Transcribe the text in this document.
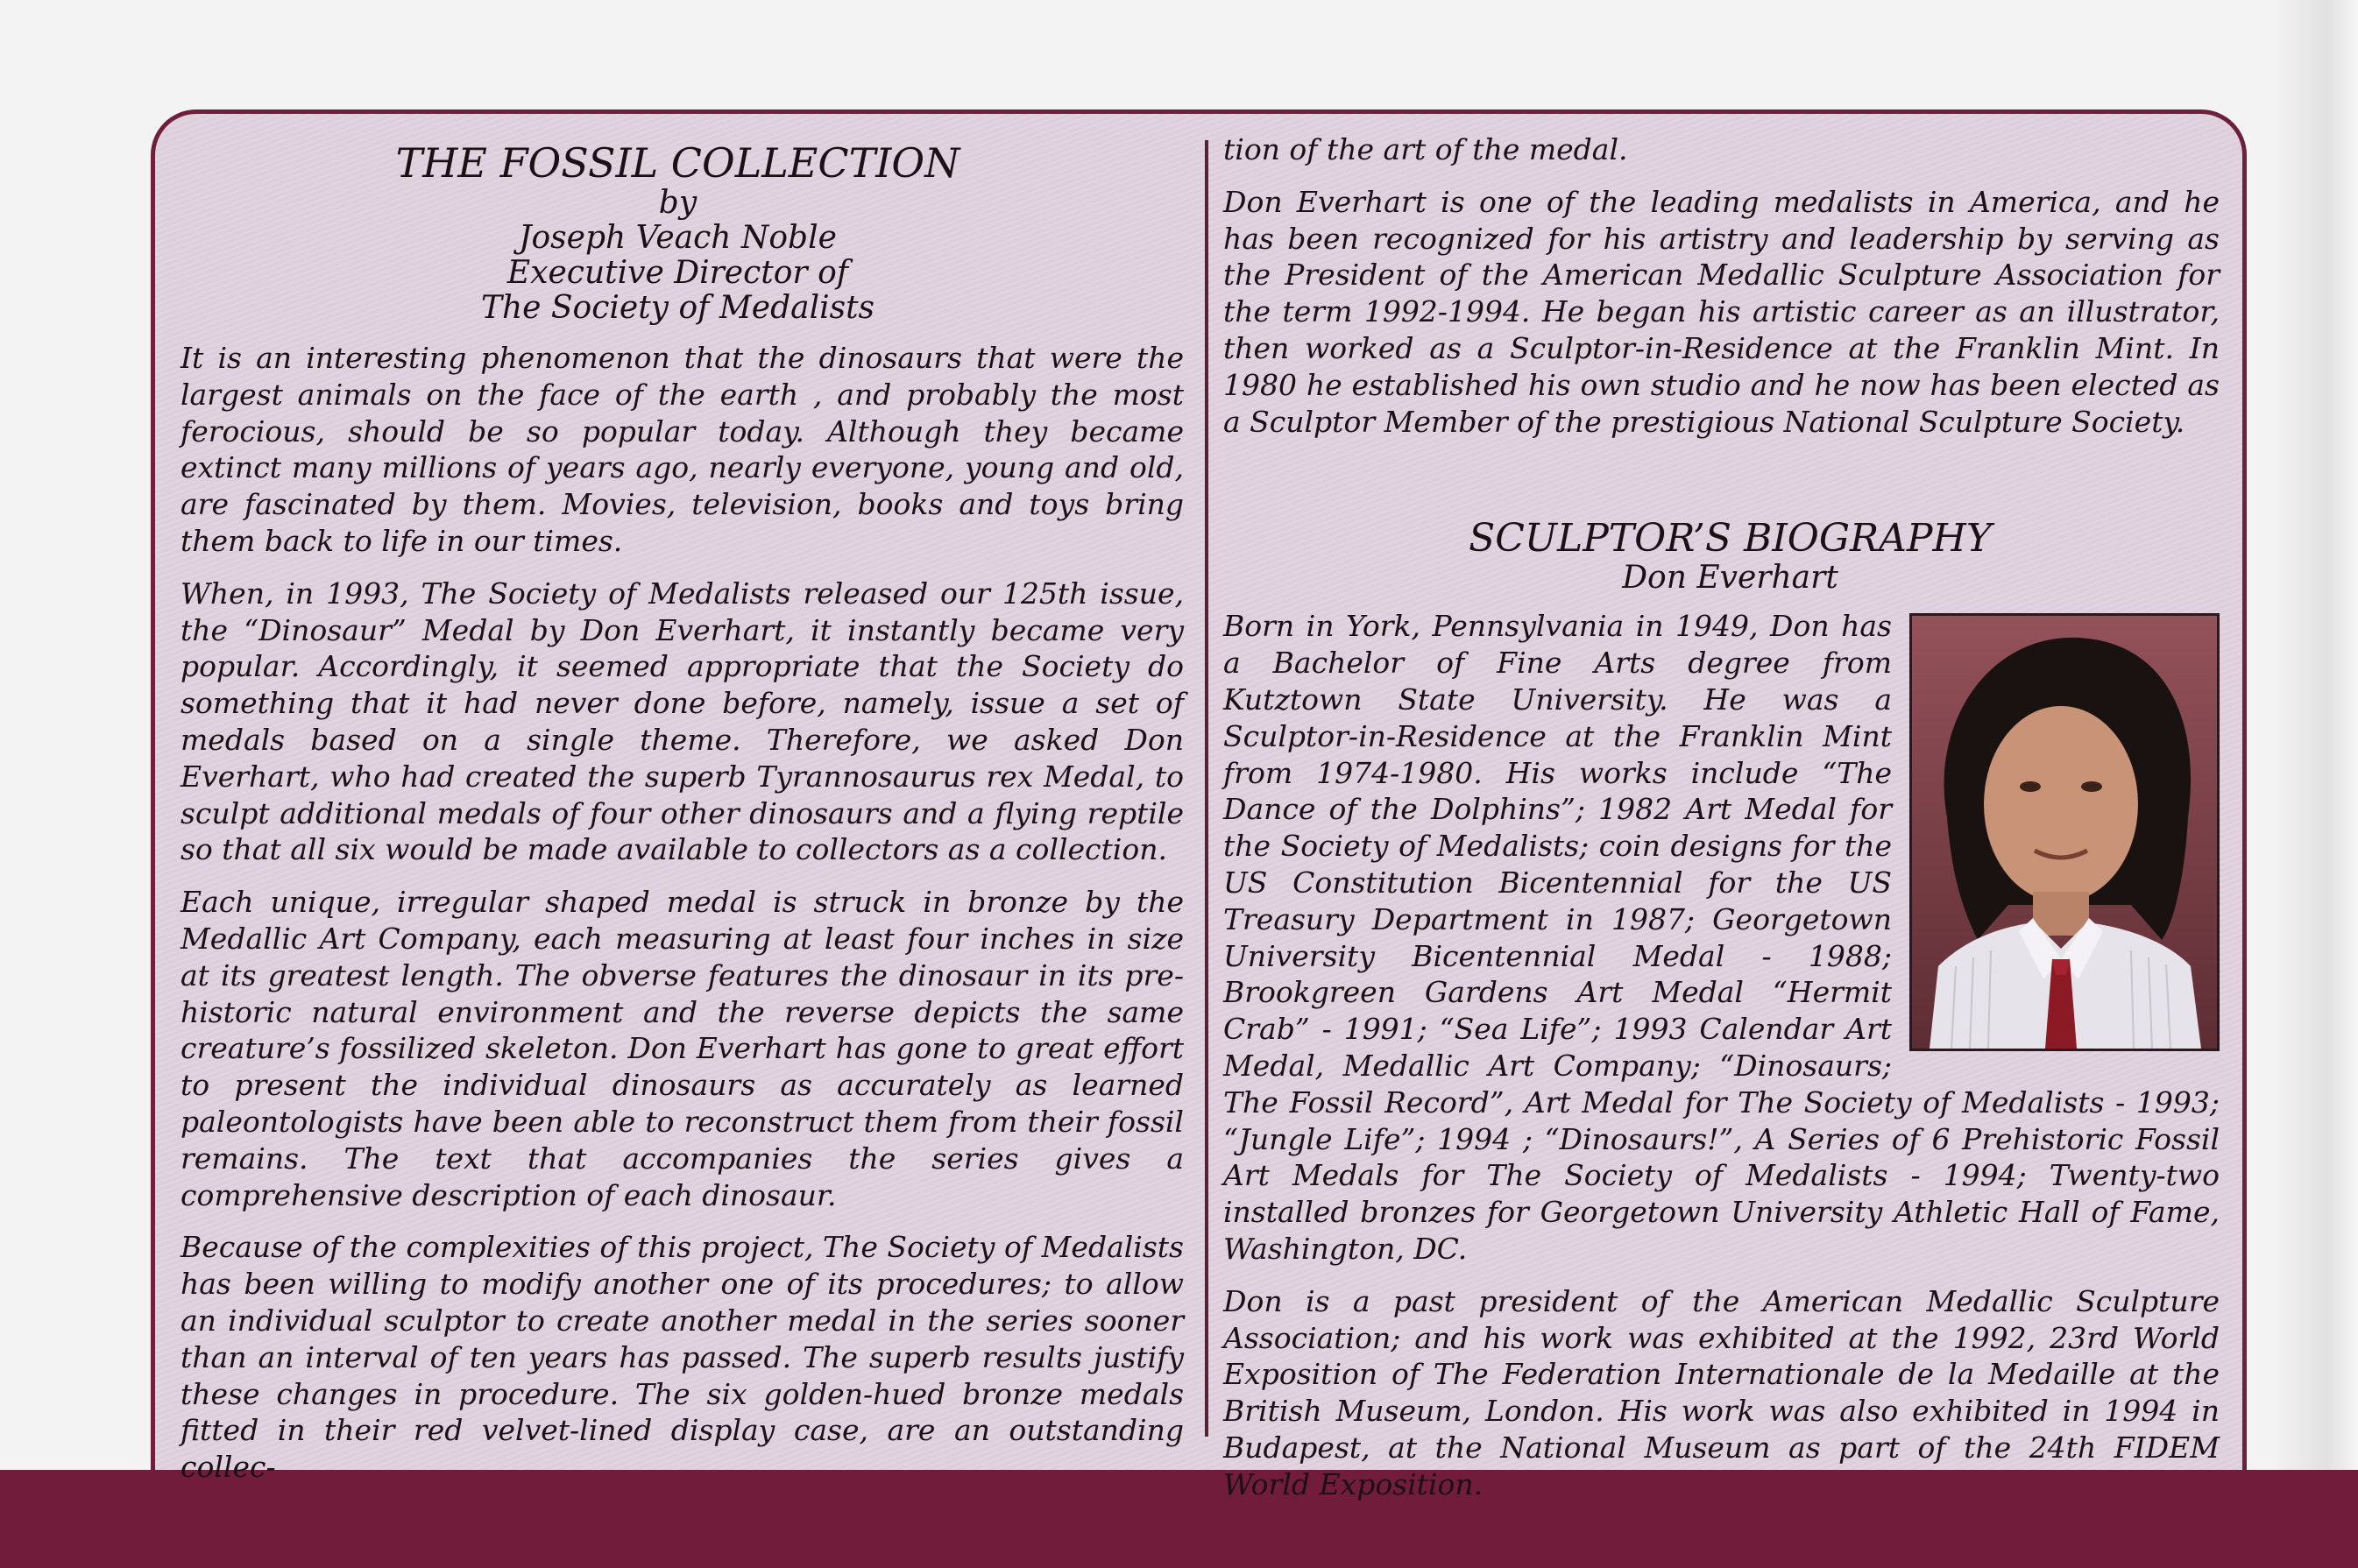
THE FOSSIL COLLECTION
by
Joseph Veach Noble
Executive Director of
The Society of Medalists

It is an interesting phenomenon that the dinosaurs that were the largest animals on the face of the earth , and probably the most ferocious, should be so popular today. Although they became extinct many millions of years ago, nearly everyone, young and old, are fascinated by them. Movies, television, books and toys bring them back to life in our times.

When, in 1993, The Society of Medalists released our 125th issue, the “Dinosaur” Medal by Don Everhart, it instantly became very popular. Accordingly, it seemed appropriate that the Society do something that it had never done before, namely, issue a set of medals based on a single theme. Therefore, we asked Don Everhart, who had created the superb Tyrannosaurus rex Medal, to sculpt additional medals of four other dinosaurs and a flying reptile so that all six would be made available to collectors as a collection.

Each unique, irregular shaped medal is struck in bronze by the Medallic Art Company, each measuring at least four inches in size at its greatest length. The obverse features the dinosaur in its pre-historic natural environment and the reverse depicts the same creature’s fossilized skeleton. Don Everhart has gone to great effort to present the individual dinosaurs as accurately as learned paleontologists have been able to reconstruct them from their fossil remains. The text that accompanies the series gives a comprehensive description of each dinosaur.

Because of the complexities of this project, The Society of Medalists has been willing to modify another one of its procedures; to allow an individual sculptor to create another medal in the series sooner than an interval of ten years has passed. The superb results justify these changes in procedure. The six golden-hued bronze medals fitted in their red velvet-lined display case, are an outstanding collec-

tion of the art of the medal.

Don Everhart is one of the leading medalists in America, and he has been recognized for his artistry and leadership by serving as the President of the American Medallic Sculpture Association for the term 1992-1994. He began his artistic career as an illustrator, then worked as a Sculptor-in-Residence at the Franklin Mint. In 1980 he established his own studio and he now has been elected as a Sculptor Member of the prestigious National Sculpture Society.

SCULPTOR’S BIOGRAPHY
Don Everhart

Born in York, Pennsylvania in 1949, Don has a Bachelor of Fine Arts degree from Kutztown State University. He was a Sculptor-in-Residence at the Franklin Mint from 1974-1980. His works include “The Dance of the Dolphins”; 1982 Art Medal for the Society of Medalists; coin designs for the US Constitution Bicentennial for the US Treasury Department in 1987; Georgetown University Bicentennial Medal - 1988; Brookgreen Gardens Art Medal “Hermit Crab” - 1991; “Sea Life”; 1993 Calendar Art Medal, Medallic Art Company; “Dinosaurs; The Fossil Record”, Art Medal for The Society of Medalists - 1993; “Jungle Life”; 1994 ; “Dinosaurs!”, A Series of 6 Prehistoric Fossil Art Medals for The Society of Medalists - 1994; Twenty-two installed bronzes for Georgetown University Athletic Hall of Fame, Washington, DC.

Don is a past president of the American Medallic Sculpture Association; and his work was exhibited at the 1992, 23rd World Exposition of The Federation Internationale de la Medaille at the British Museum, London. His work was also exhibited in 1994 in Budapest, at the National Museum as part of the 24th FIDEM World Exposition.
